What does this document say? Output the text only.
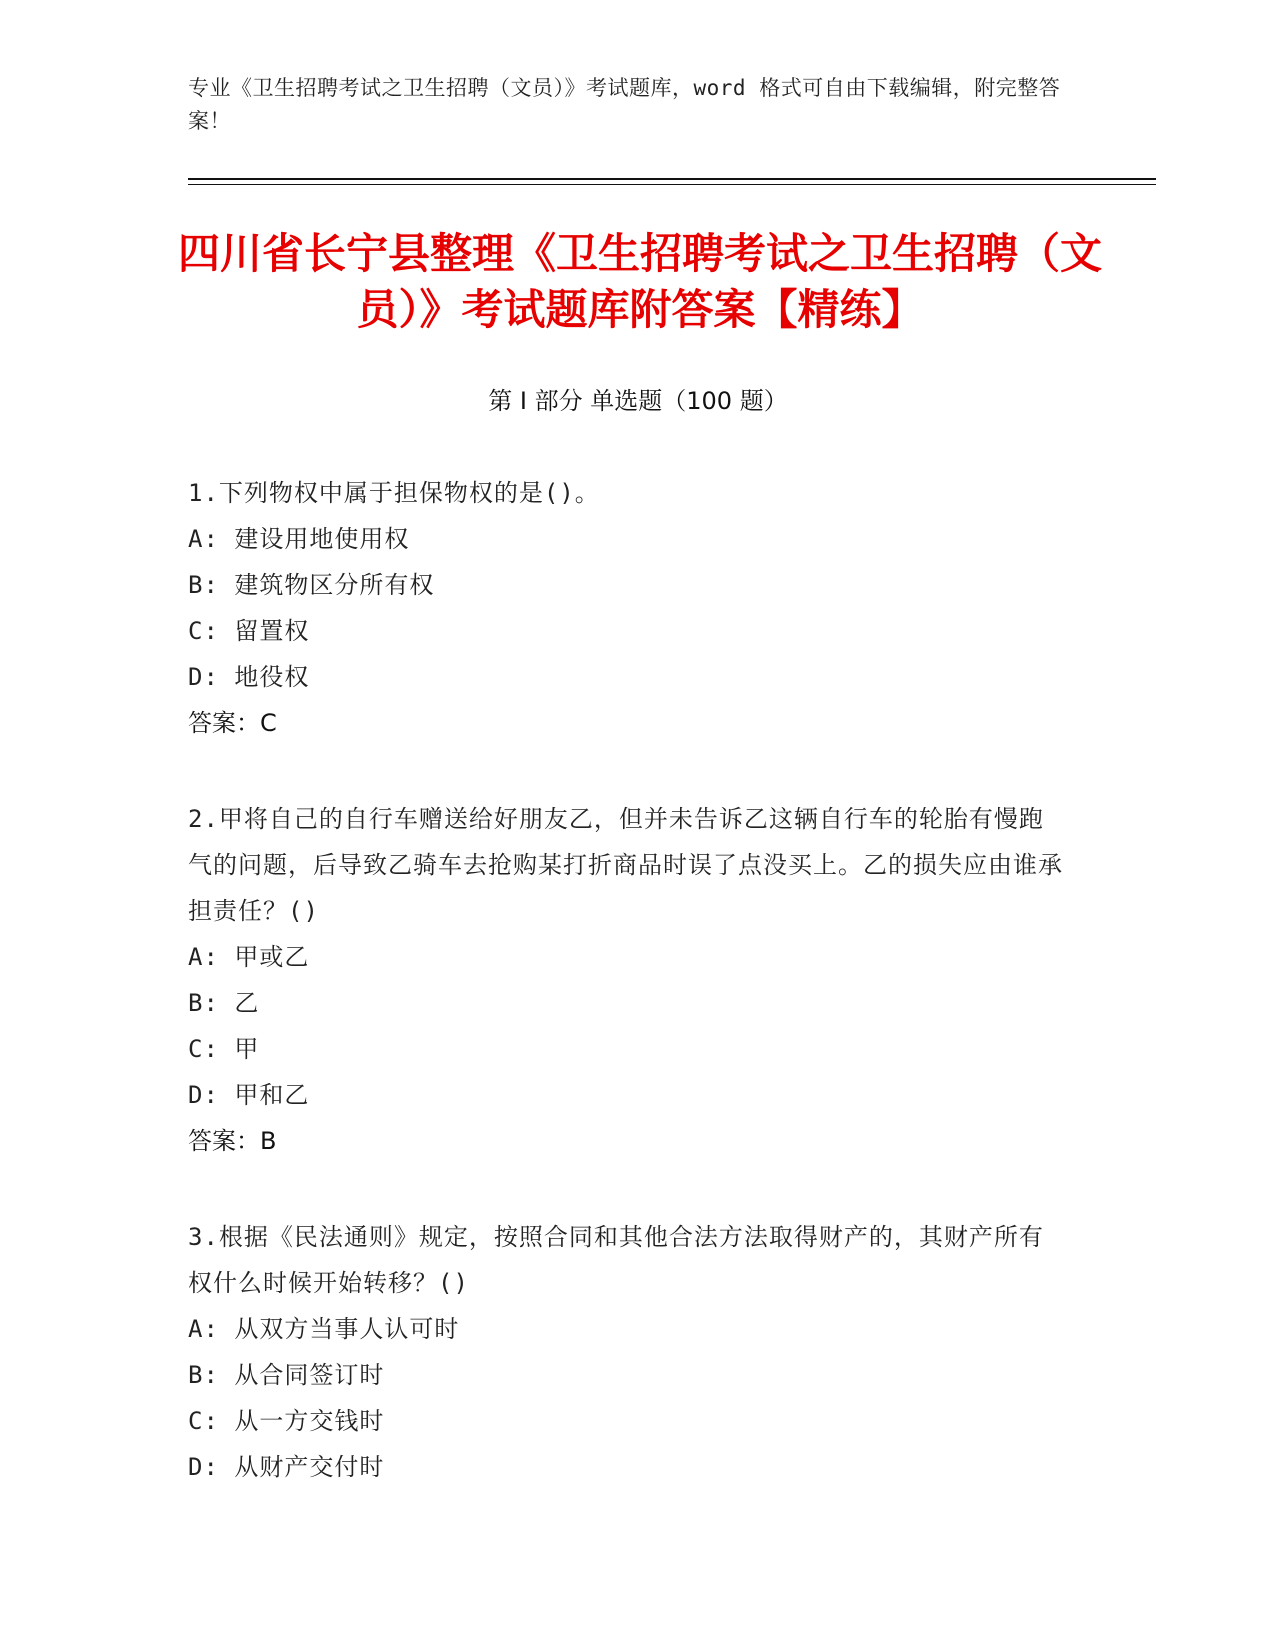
专业《卫生招聘考试之卫生招聘（文员）》考试题库，word 格式可自由下载编辑，附完整答案！
四川省长宁县整理《卫生招聘考试之卫生招聘（文员）》考试题库附答案【精练】
第 I 部分 单选题（100 题）
1.下列物权中属于担保物权的是()。
A: 建设用地使用权
B: 建筑物区分所有权
C: 留置权
D: 地役权
答案：C
2.甲将自己的自行车赠送给好朋友乙，但并未告诉乙这辆自行车的轮胎有慢跑气的问题，后导致乙骑车去抢购某打折商品时误了点没买上。乙的损失应由谁承担责任？()
A: 甲或乙
B: 乙
C: 甲
D: 甲和乙
答案：B
3.根据《民法通则》规定，按照合同和其他合法方法取得财产的，其财产所有权什么时候开始转移？()
A: 从双方当事人认可时
B: 从合同签订时
C: 从一方交钱时
D: 从财产交付时
